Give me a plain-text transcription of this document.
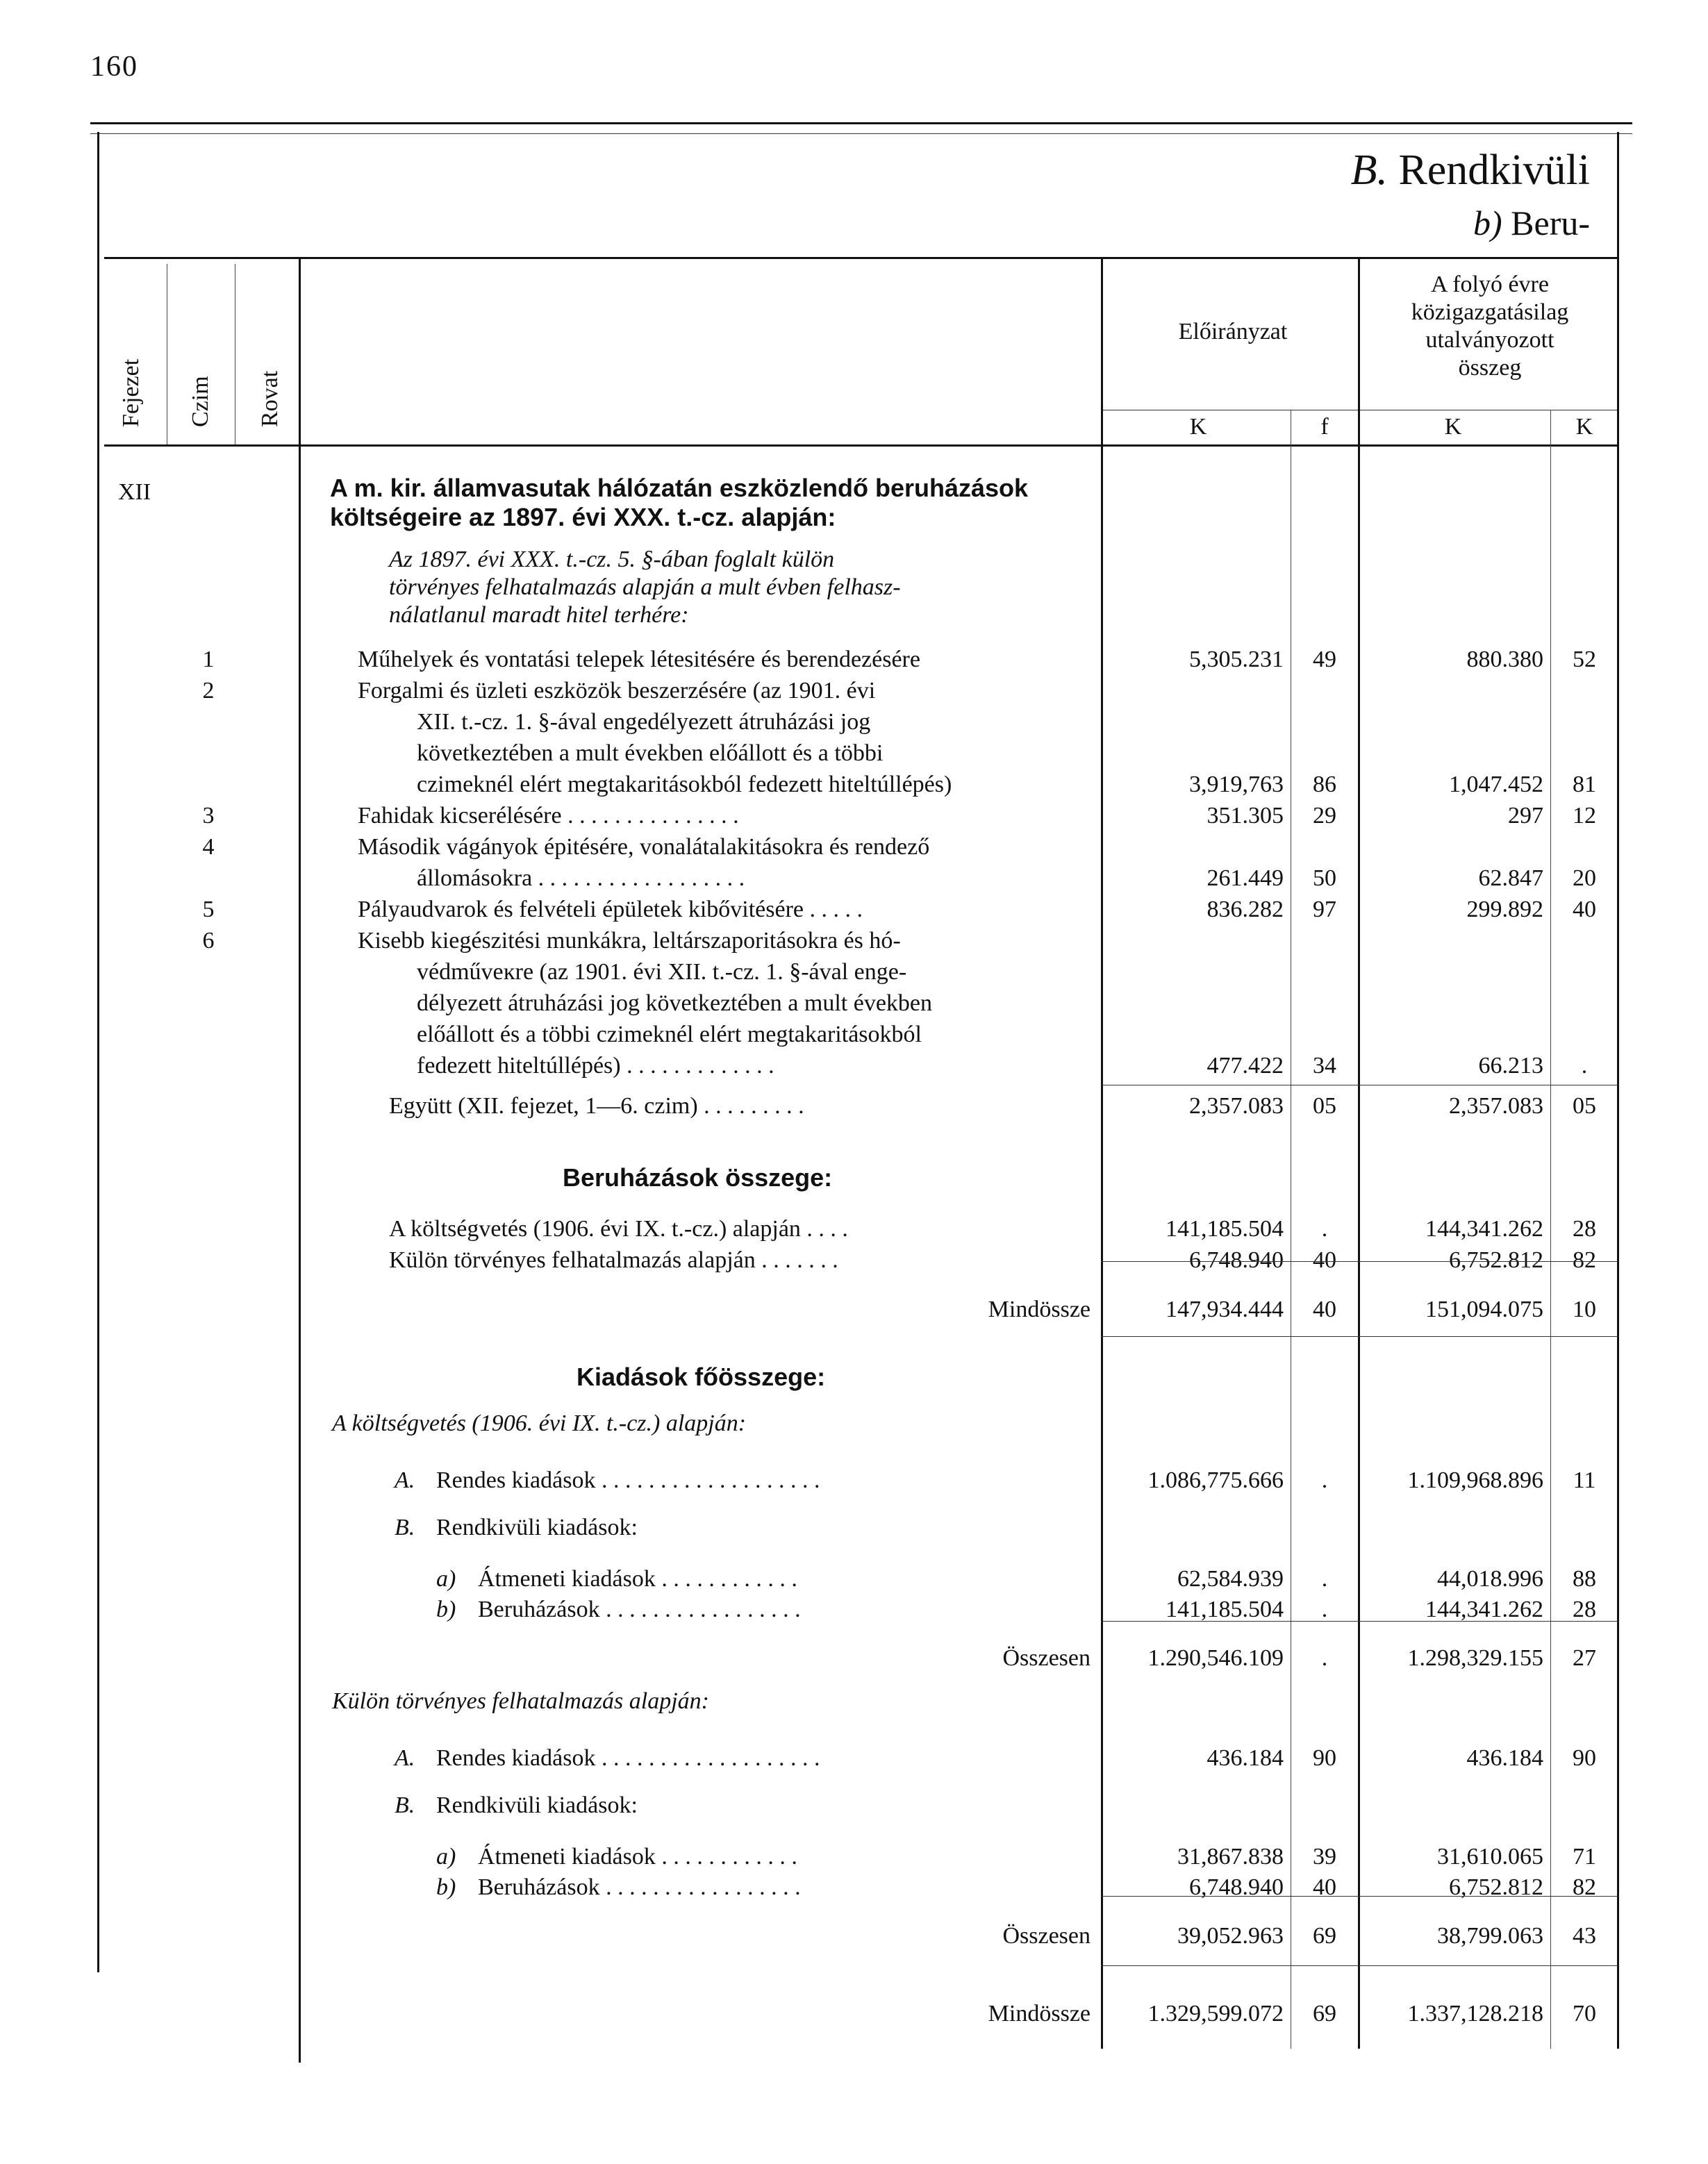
160
B. Rendkivüli
b) Beru-
Fejezet Czim Rovat
Előirányzat
A folyó évre
közigazgatásilag
utalványozott
összeg
K	f	K	K
XII	A m. kir. államvasutak hálózatán eszközlendő beruházások
költségeire az 1897. évi XXX. t.-cz. alapján:
Az 1897. évi XXX. t.-cz. 5. §-ában foglalt külön
törvényes felhatalmazás alapján a mult évben felhasz-
nálatlanul maradt hitel terhére:
1	Műhelyek és vontatási telepek létesitésére és berendezésére	5,305.231	49	880.380	52
2	Forgalmi és üzleti eszközök beszerzésére (az 1901. évi
XII. t.-cz. 1. §-ával engedélyezett átruházási jog
következtében a mult években előállott és a többi
czimeknél elért megtakaritásokból fedezett hiteltúllépés)	3,919,763	86	1,047.452	81
3	Fahidak kicserélésére . . . . . . . . . . . . . . .	351.305	29	297	12
4	Második vágányok épitésére, vonalátalakitásokra és rendező
állomásokra . . . . . . . . . . . . . . . . . .	261.449	50	62.847	20
5	Pályaudvarok és felvételi épületek kibővitésére . . . . .	836.282	97	299.892	40
6	Kisebb kiegészitési munkákra, leltárszaporitásokra és hó-
védműveĸre (az 1901. évi XII. t.-cz. 1. §-ával enge-
délyezett átruházási jog következtében a mult években
előállott és a többi czimeknél elért megtakaritásokból
fedezett hiteltúllépés) . . . . . . . . . . . . .	477.422	34	66.213	.
Együtt (XII. fejezet, 1—6. czim) . . . . . . . . .	2,357.083	05	2,357.083	05
Beruházások összege:
A költségvetés (1906. évi IX. t.-cz.) alapján . . . .	141,185.504	.	144,341.262	28
Külön törvényes felhatalmazás alapján . . . . . . .	6,748.940	40	6,752.812	82
Mindössze	147,934.444	40	151,094.075	10
Kiadások főösszege:
A költségvetés (1906. évi IX. t.-cz.) alapján:
A. Rendes kiadások . . . . . . . . . . . . . . . . . . .	1.086,775.666	.	1.109,968.896	11
B. Rendkivüli kiadások:
a) Átmeneti kiadások . . . . . . . . . . . .	62,584.939	.	44,018.996	88
b) Beruházások . . . . . . . . . . . . . . . . .	141,185.504	.	144,341.262	28
Összesen	1.290,546.109	.	1.298,329.155	27
Külön törvényes felhatalmazás alapján:
A. Rendes kiadások . . . . . . . . . . . . . . . . . . .	436.184	90	436.184	90
B. Rendkivüli kiadások:
a) Átmeneti kiadások . . . . . . . . . . . .	31,867.838	39	31,610.065	71
b) Beruházások . . . . . . . . . . . . . . . . .	6,748.940	40	6,752.812	82
Összesen	39,052.963	69	38,799.063	43
Mindössze	1.329,599.072	69	1.337,128.218	70
